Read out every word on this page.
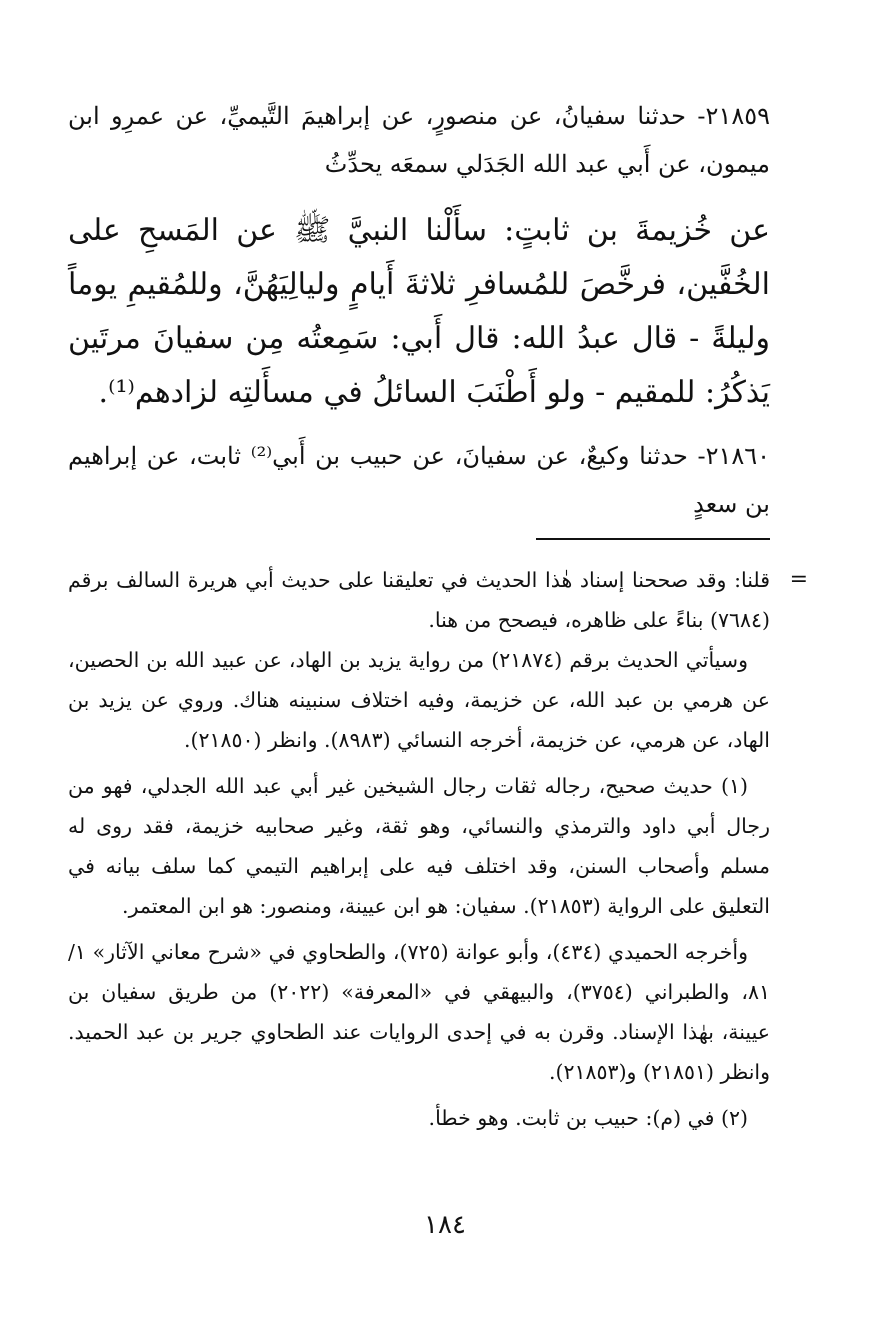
٢١٨٥٩- حدثنا سفيانُ، عن منصورٍ، عن إبراهيمَ التَّيميِّ، عن عمرِو ابن ميمون، عن أَبي عبد الله الجَدَلي سمعَه يحدِّثُ

عن خُزيمةَ بن ثابتٍ: سأَلْنا النبيَّ ﷺ عن المَسحِ على الخُفَّين، فرخَّصَ للمُسافرِ ثلاثةَ أَيامٍ وليالِيَهُنَّ، وللمُقيمِ يوماً وليلةً - قال عبدُ الله: قال أَبي: سَمِعتُه مِن سفيانَ مرتَين يَذكُرُ: للمقيم - ولو أَطْنَبَ السائلُ في مسأَلتِه لزادهم⁽¹⁾.

٢١٨٦٠- حدثنا وكيعٌ، عن سفيانَ، عن حبيب بن أَبي⁽²⁾ ثابت، عن إبراهيم بن سعدٍ

=

قلنا: وقد صححنا إسناد هٰذا الحديث في تعليقنا على حديث أبي هريرة السالف برقم (٧٦٨٤) بناءً على ظاهره، فيصحح من هنا.

وسيأتي الحديث برقم (٢١٨٧٤) من رواية يزيد بن الهاد، عن عبيد الله بن الحصين، عن هرمي بن عبد الله، عن خزيمة، وفيه اختلاف سنبينه هناك. وروي عن يزيد بن الهاد، عن هرمي، عن خزيمة، أخرجه النسائي (٨٩٨٣). وانظر (٢١٨٥٠).

(١) حديث صحيح، رجاله ثقات رجال الشيخين غير أبي عبد الله الجدلي، فهو من رجال أبي داود والترمذي والنسائي، وهو ثقة، وغير صحابيه خزيمة، فقد روى له مسلم وأصحاب السنن، وقد اختلف فيه على إبراهيم التيمي كما سلف بيانه في التعليق على الرواية (٢١٨٥٣). سفيان: هو ابن عيينة، ومنصور: هو ابن المعتمر.

وأخرجه الحميدي (٤٣٤)، وأبو عوانة (٧٢٥)، والطحاوي في «شرح معاني الآثار» ١/ ٨١، والطبراني (٣٧٥٤)، والبيهقي في «المعرفة» (٢٠٢٢) من طريق سفيان بن عيينة، بهٰذا الإسناد. وقرن به في إحدى الروايات عند الطحاوي جرير بن عبد الحميد. وانظر (٢١٨٥١) و(٢١٨٥٣).

(٢) في (م): حبيب بن ثابت. وهو خطأ.

١٨٤
